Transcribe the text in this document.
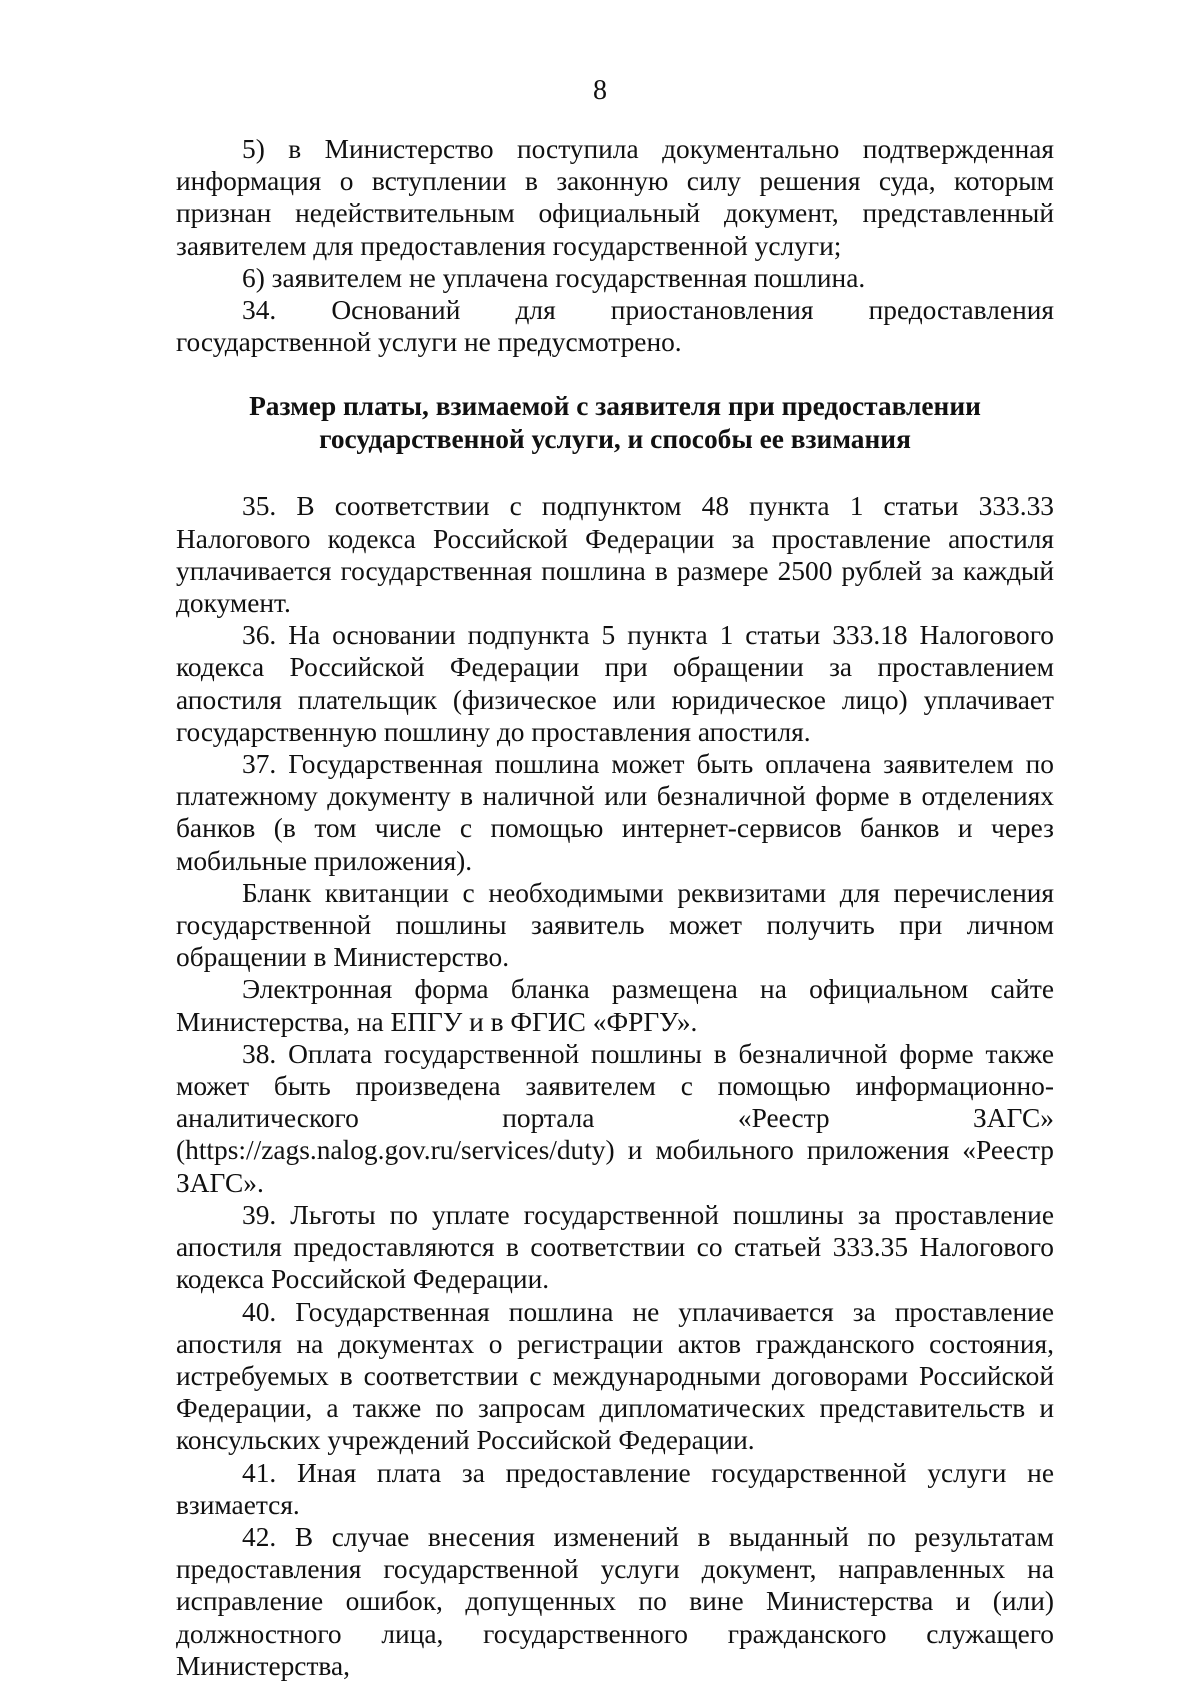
8

5) в Министерство поступила документально подтвержденная информация о вступлении в законную силу решения суда, которым признан недействительным официальный документ, представленный заявителем для предоставления государственной услуги;

6) заявителем не уплачена государственная пошлина.

34. Оснований для приостановления предоставления государственной услуги не предусмотрено.

Размер платы, взимаемой с заявителя при предоставлении
государственной услуги, и способы ее взимания

35. В соответствии с подпунктом 48 пункта 1 статьи 333.33 Налогового кодекса Российской Федерации за проставление апостиля уплачивается государственная пошлина в размере 2500 рублей за каждый документ.

36. На основании подпункта 5 пункта 1 статьи 333.18 Налогового кодекса Российской Федерации при обращении за проставлением апостиля плательщик (физическое или юридическое лицо) уплачивает государственную пошлину до проставления апостиля.

37. Государственная пошлина может быть оплачена заявителем по платежному документу в наличной или безналичной форме в отделениях банков (в том числе с помощью интернет-сервисов банков и через мобильные приложения).

Бланк квитанции с необходимыми реквизитами для перечисления государственной пошлины заявитель может получить при личном обращении в Министерство.

Электронная форма бланка размещена на официальном сайте Министерства, на ЕПГУ и в ФГИС «ФРГУ».

38. Оплата государственной пошлины в безналичной форме также может быть произведена заявителем с помощью информационно-аналитического портала «Реестр ЗАГС» (https://zags.nalog.gov.ru/services/duty) и мобильного приложения «Реестр ЗАГС».

39. Льготы по уплате государственной пошлины за проставление апостиля предоставляются в соответствии со статьей 333.35 Налогового кодекса Российской Федерации.

40. Государственная пошлина не уплачивается за проставление апостиля на документах о регистрации актов гражданского состояния, истребуемых в соответствии с международными договорами Российской Федерации, а также по запросам дипломатических представительств и консульских учреждений Российской Федерации.

41. Иная плата за предоставление государственной услуги не взимается.

42. В случае внесения изменений в выданный по результатам предоставления государственной услуги документ, направленных на исправление ошибок, допущенных по вине Министерства и (или) должностного лица, государственного гражданского служащего Министерства,
